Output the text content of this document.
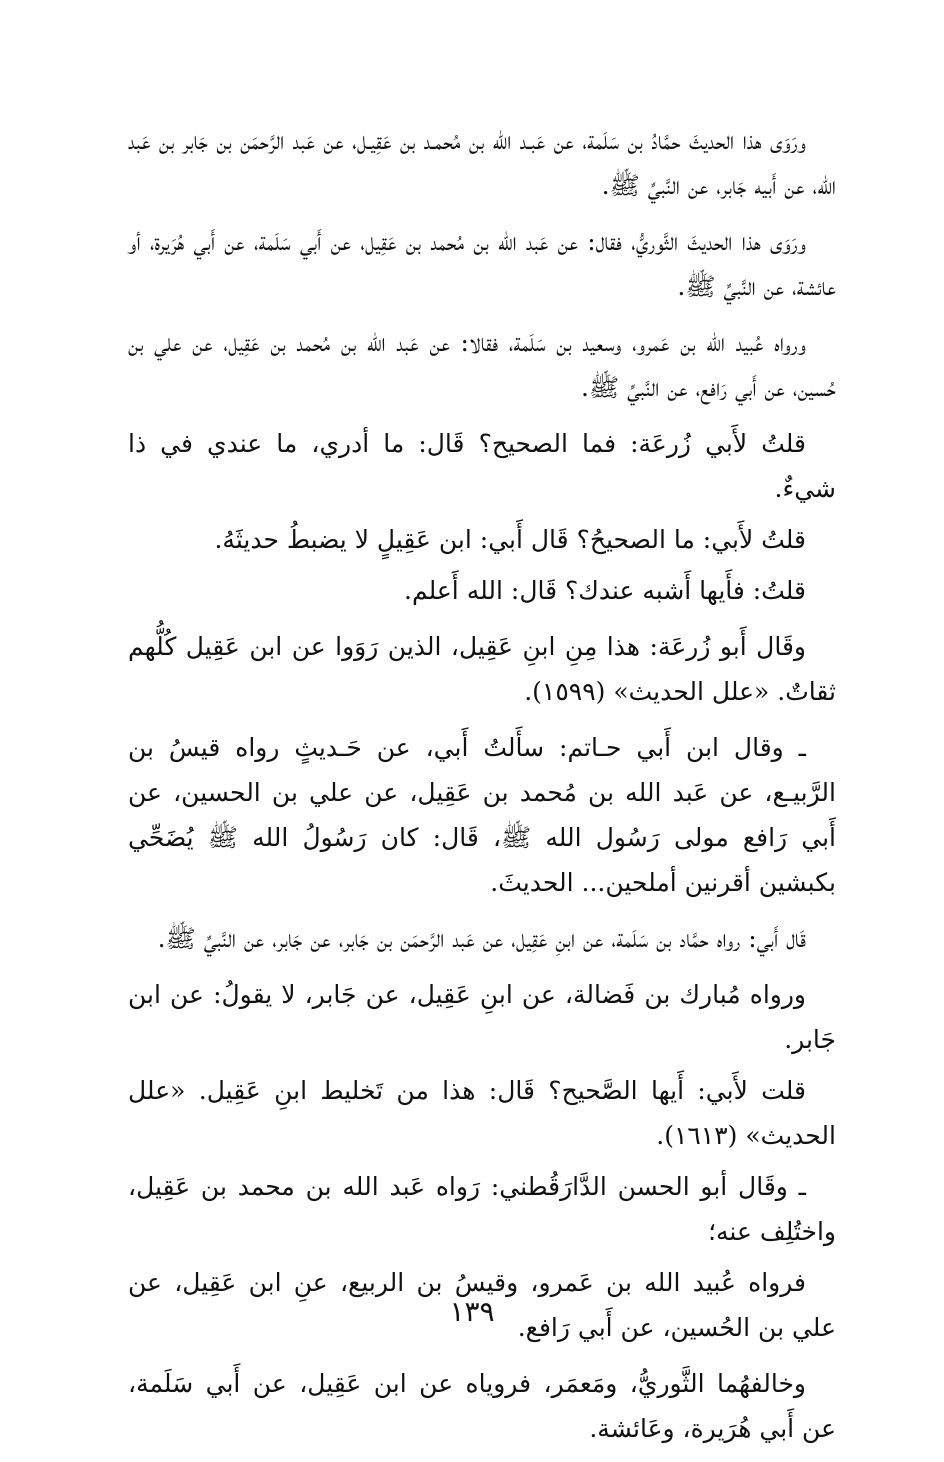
ورَوَى هذا الحديثَ حمَّادُ بن سَلَمة، عن عَبـد الله بن مُحمـد بن عَقِيـل، عن عَبد الرَّحمَن بن جَابر بن عَبد الله، عن أَبيه جَابر، عن النَّبيِّ ﷺ.

ورَوَى هذا الحديثَ الثَّوريُّ، فقال: عن عَبد الله بن مُحمد بن عَقِيل، عن أَبي سَلَمة، عن أَبي هُرَيرة، أو عائشة، عن النَّبيِّ ﷺ.

ورواه عُبيد الله بن عَمرو، وسعيد بن سَلَمة، فقالا: عن عَبد الله بن مُحمد بن عَقِيل، عن علي بن حُسين، عن أَبي رَافع، عن النَّبيِّ ﷺ.

قلتُ لأَبي زُرعَة: فما الصحيح؟ قَال: ما أدري، ما عندي في ذا شيءٌ.

قلتُ لأَبي: ما الصحيحُ؟ قَال أَبي: ابن عَقِيلٍ لا يضبطُ حديثَهُ.

قلتُ: فأَيها أَشبه عندك؟ قَال: الله أَعلم.

وقَال أَبو زُرعَة: هذا مِنِ ابنِ عَقِيل، الذين رَوَوا عن ابن عَقِيل كُلُّهم ثقاتٌ. «علل الحديث» (١٥٩٩).

ـ وقال ابن أَبي حـاتم: سأَلتُ أَبي، عن حَـديثٍ رواه قيسُ بن الرَّبيـع، عن عَبد الله بن مُحمد بن عَقِيل، عن علي بن الحسين، عن أَبي رَافع مولى رَسُول الله ﷺ، قَال: كان رَسُولُ الله ﷺ يُضَحِّي بكبشين أقرنين أملحين... الحديثَ.

قَال أَبي: رواه حمَّاد بن سَلَمة، عن ابنِ عَقِيل، عن عَبد الرَّحمَن بن جَابر، عن جَابر، عن النَّبيِّ ﷺ.

ورواه مُبارك بن فَضالة، عن ابنِ عَقِيل، عن جَابر، لا يقولُ: عن ابن جَابر.

قلت لأَبي: أَيها الصَّحيح؟ قَال: هذا من تَخليط ابنِ عَقِيل. «علل الحديث» (١٦١٣).

ـ وقَال أبو الحسن الدَّارَقُطني: رَواه عَبد الله بن محمد بن عَقِيل، واختُلِف عنه؛

فرواه عُبيد الله بن عَمرو، وقيسُ بن الربيع، عنِ ابن عَقِيل، عن علي بن الحُسين، عن أَبي رَافع.

وخالفهُما الثَّوريُّ، ومَعمَر، فروياه عن ابن عَقِيل، عن أَبي سَلَمة، عن أَبي هُرَيرة، وعَائشة.

١٣٩
